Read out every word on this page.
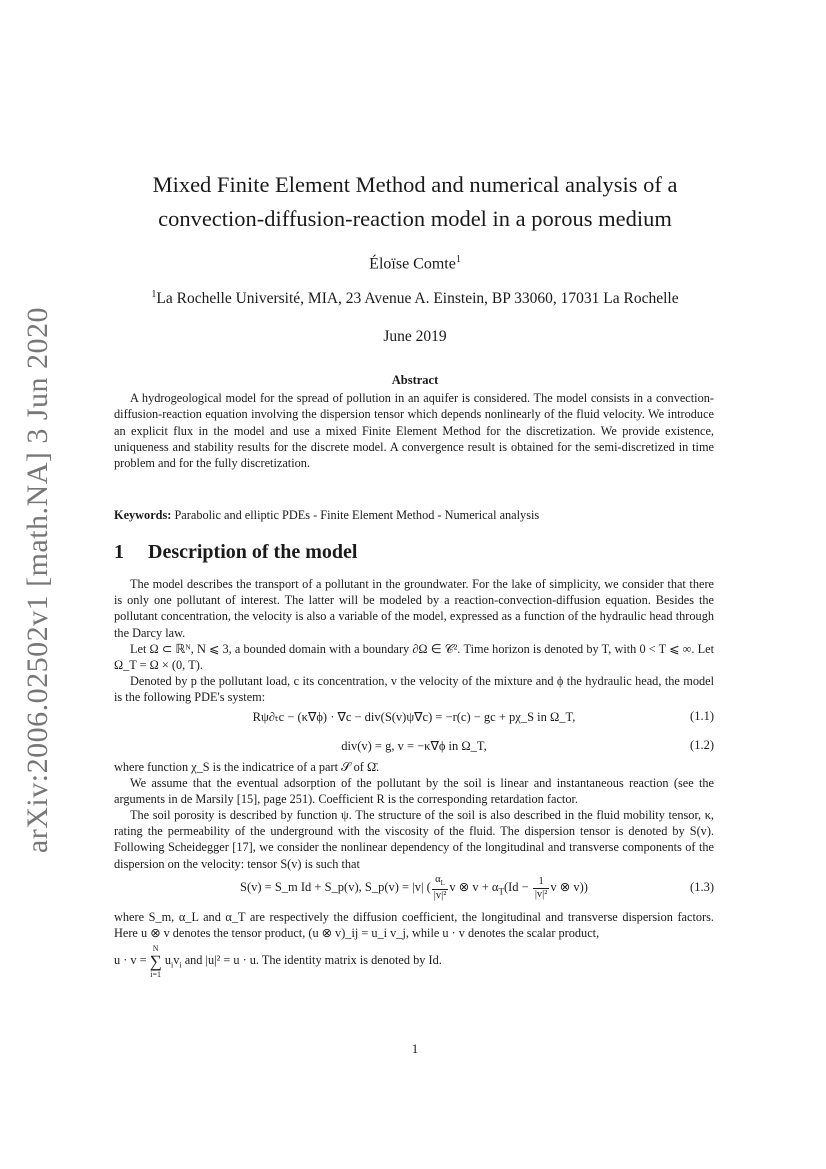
arXiv:2006.02502v1 [math.NA] 3 Jun 2020
Mixed Finite Element Method and numerical analysis of a
convection-diffusion-reaction model in a porous medium
Éloïse Comte$^1$
$^1$La Rochelle Université, MIA, 23 Avenue A. Einstein, BP 33060, 17031 La Rochelle
June 2019
Abstract
A hydrogeological model for the spread of pollution in an aquifer is considered. The model consists in a convection-diffusion-reaction equation involving the dispersion tensor which depends nonlinearly of the fluid velocity. We introduce an explicit flux in the model and use a mixed Finite Element Method for the discretization. We provide existence, uniqueness and stability results for the discrete model. A convergence result is obtained for the semi-discretized in time problem and for the fully discretization.
Keywords: Parabolic and elliptic PDEs - Finite Element Method - Numerical analysis
1 Description of the model
The model describes the transport of a pollutant in the groundwater. For the lake of simplicity, we consider that there is only one pollutant of interest. The latter will be modeled by a reaction-convection-diffusion equation. Besides the pollutant concentration, the velocity is also a variable of the model, expressed as a function of the hydraulic head through the Darcy law.
Let Ω ⊂ ℝᴺ, N ⩽ 3, a bounded domain with a boundary ∂Ω ∈ 𝒞². Time horizon is denoted by T, with 0 < T ⩽ ∞. Let Ω_T = Ω × (0, T).
Denoted by p the pollutant load, c its concentration, v the velocity of the mixture and ϕ the hydraulic head, the model is the following PDE's system:
Rψ∂ₜc − (κ∇ϕ) · ∇c − div(S(v)ψ∇c) = −r(c) − gc + pχ_S in Ω_T,	(1.1)
div(v) = g, v = −κ∇ϕ in Ω_T,	(1.2)
where function χ_S is the indicatrice of a part 𝒮 of Ω̄.
We assume that the eventual adsorption of the pollutant by the soil is linear and instantaneous reaction (see the arguments in de Marsily [15], page 251). Coefficient R is the corresponding retardation factor.
The soil porosity is described by function ψ. The structure of the soil is also described in the fluid mobility tensor, κ, rating the permeability of the underground with the viscosity of the fluid. The dispersion tensor is denoted by S(v). Following Scheidegger [17], we consider the nonlinear dependency of the longitudinal and transverse components of the dispersion on the velocity: tensor S(v) is such that
S(v) = S_m Id + S_p(v), S_p(v) = |v| ( $\frac{\alpha_L}{\text{|v|²}}$ v ⊗ $v + \alpha_T(Id - \frac{1}{\text{|v|²}}$ v ⊗ v))	(1.3)
where S_m, α_L and α_T are respectively the diffusion coefficient, the longitudinal and transverse dispersion factors. Here u ⊗ v denotes the tensor product, (u ⊗ v)_ij = u_i v_j, while u · v denotes the scalar product,
u · v = N
∑
i=1 $u_iv_i$ and |u|² = u · u. The identity matrix is denoted by Id.
1
